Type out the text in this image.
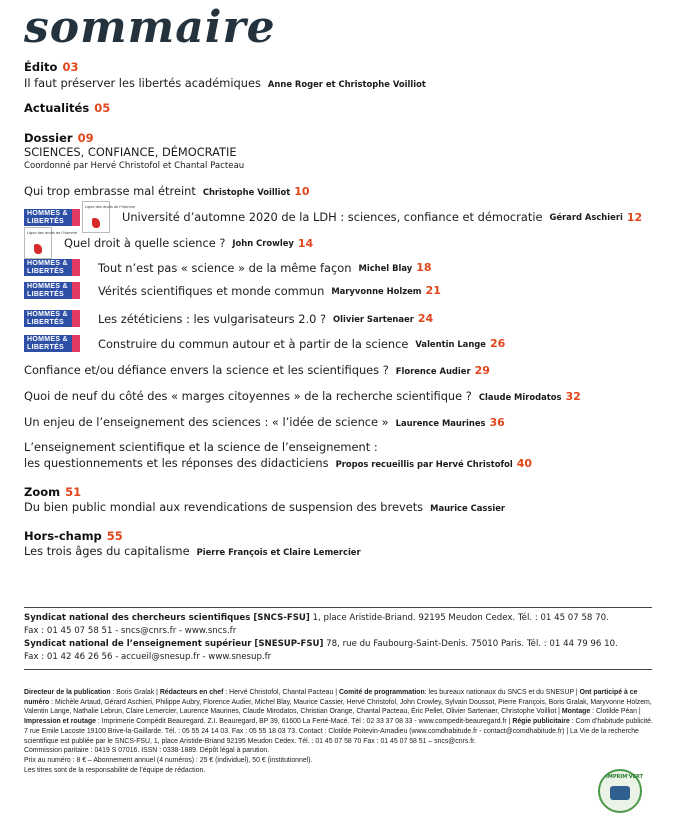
sommaire
Édito 03
Il faut préserver les libertés académiques Anne Roger et Christophe Voilliot
Actualités 05
Dossier 09
SCIENCES, CONFIANCE, DÉMOCRATIE
Coordonné par Hervé Christofol et Chantal Pacteau
Qui trop embrasse mal étreint Christophe Voilliot 10
HOMMES &
LIBERTÉS
Ligue des droits de l'Homme
Université d’automne 2020 de la LDH : sciences, confiance et démocratie Gérard Aschieri 12
Ligue des droits de l'Homme
Quel droit à quelle science ? John Crowley 14
HOMMES &
LIBERTÉS	Tout n’est pas « science » de la même façon Michel Blay 18
HOMMES &
LIBERTÉS	Vérités scientifiques et monde commun Maryvonne Holzem 21
HOMMES &
LIBERTÉS	Les zététiciens : les vulgarisateurs 2.0 ? Olivier Sartenaer 24
HOMMES &
LIBERTÉS	Construire du commun autour et à partir de la science Valentin Lange 26
Confiance et/ou défiance envers la science et les scientifiques ? Florence Audier 29
Quoi de neuf du côté des « marges citoyennes » de la recherche scientifique ? Claude Mirodatos 32
Un enjeu de l’enseignement des sciences : « l’idée de science » Laurence Maurines 36
L’enseignement scientifique et la science de l’enseignement :
les questionnements et les réponses des didacticiens Propos recueillis par Hervé Christofol 40
Zoom 51
Du bien public mondial aux revendications de suspension des brevets Maurice Cassier
Hors-champ 55
Les trois âges du capitalisme Pierre François et Claire Lemercier
Syndicat national des chercheurs scientifiques [SNCS-FSU] 1, place Aristide-Briand. 92195 Meudon Cedex. Tél. : 01 45 07 58 70.
Fax : 01 45 07 58 51 - sncs@cnrs.fr - www.sncs.fr
Syndicat national de l’enseignement supérieur [SNESUP-FSU] 78, rue du Faubourg-Saint-Denis. 75010 Paris. Tél. : 01 44 79 96 10.
Fax : 01 42 46 26 56 - accueil@snesup.fr - www.snesup.fr
Directeur de la publication : Boris Gralak | Rédacteurs en chef : Hervé Christofol, Chantal Pacteau | Comité de programmation: les bureaux nationaux du SNCS et du SNESUP | Ont participé à ce numéro : Michèle Artaud, Gérard Aschieri, Philippe Aubry, Florence Audier, Michel Blay, Maurice Cassier, Hervé Christofol, John Crowley, Sylvain Doussot, Pierre François, Boris Gralak, Maryvonne Holzem, Valentin Lange, Nathalie Lebrun, Claire Lemercier, Laurence Maurines, Claude Mirodatos, Christian Orange, Chantal Pacteau, Éric Pellet, Olivier Sartenaer, Christophe Voilliot | Montage : Clotilde Péan | Impression et routage : Imprimerie Compédit Beauregard. Z.I. Beauregard, BP 39, 61600 La Ferté-Macé. Tél : 02 33 37 08 33 - www.compedit-beauregard.fr | Régie publicitaire : Com d’habitude publicité. 7 rue Emile Lacoste 19100 Brive-la-Gaillarde. Tél. : 05 55 24 14 03. Fax : 05 55 18 03 73. Contact : Clotilde Poitevin-Amadieu (www.comdhabitude.fr - contact@comdhabitude.fr) | La Vie de la recherche scientifique est publiée par le SNCS-FSU, 1, place Aristide-Briand 92195 Meudon Cedex. Tél. : 01 45 07 58 70 Fax : 01 45 07 58 51 – sncs@cnrs.fr.
Commission paritaire : 0419 S 07016. ISSN : 0338-1889. Dépôt légal à parution.
Prix au numéro : 8 € – Abonnement annuel (4 numéros) : 25 € (individuel), 50 € (institutionnel).
Les titres sont de la responsabilité de l’équipe de rédaction.
IMPRIM'VERT
